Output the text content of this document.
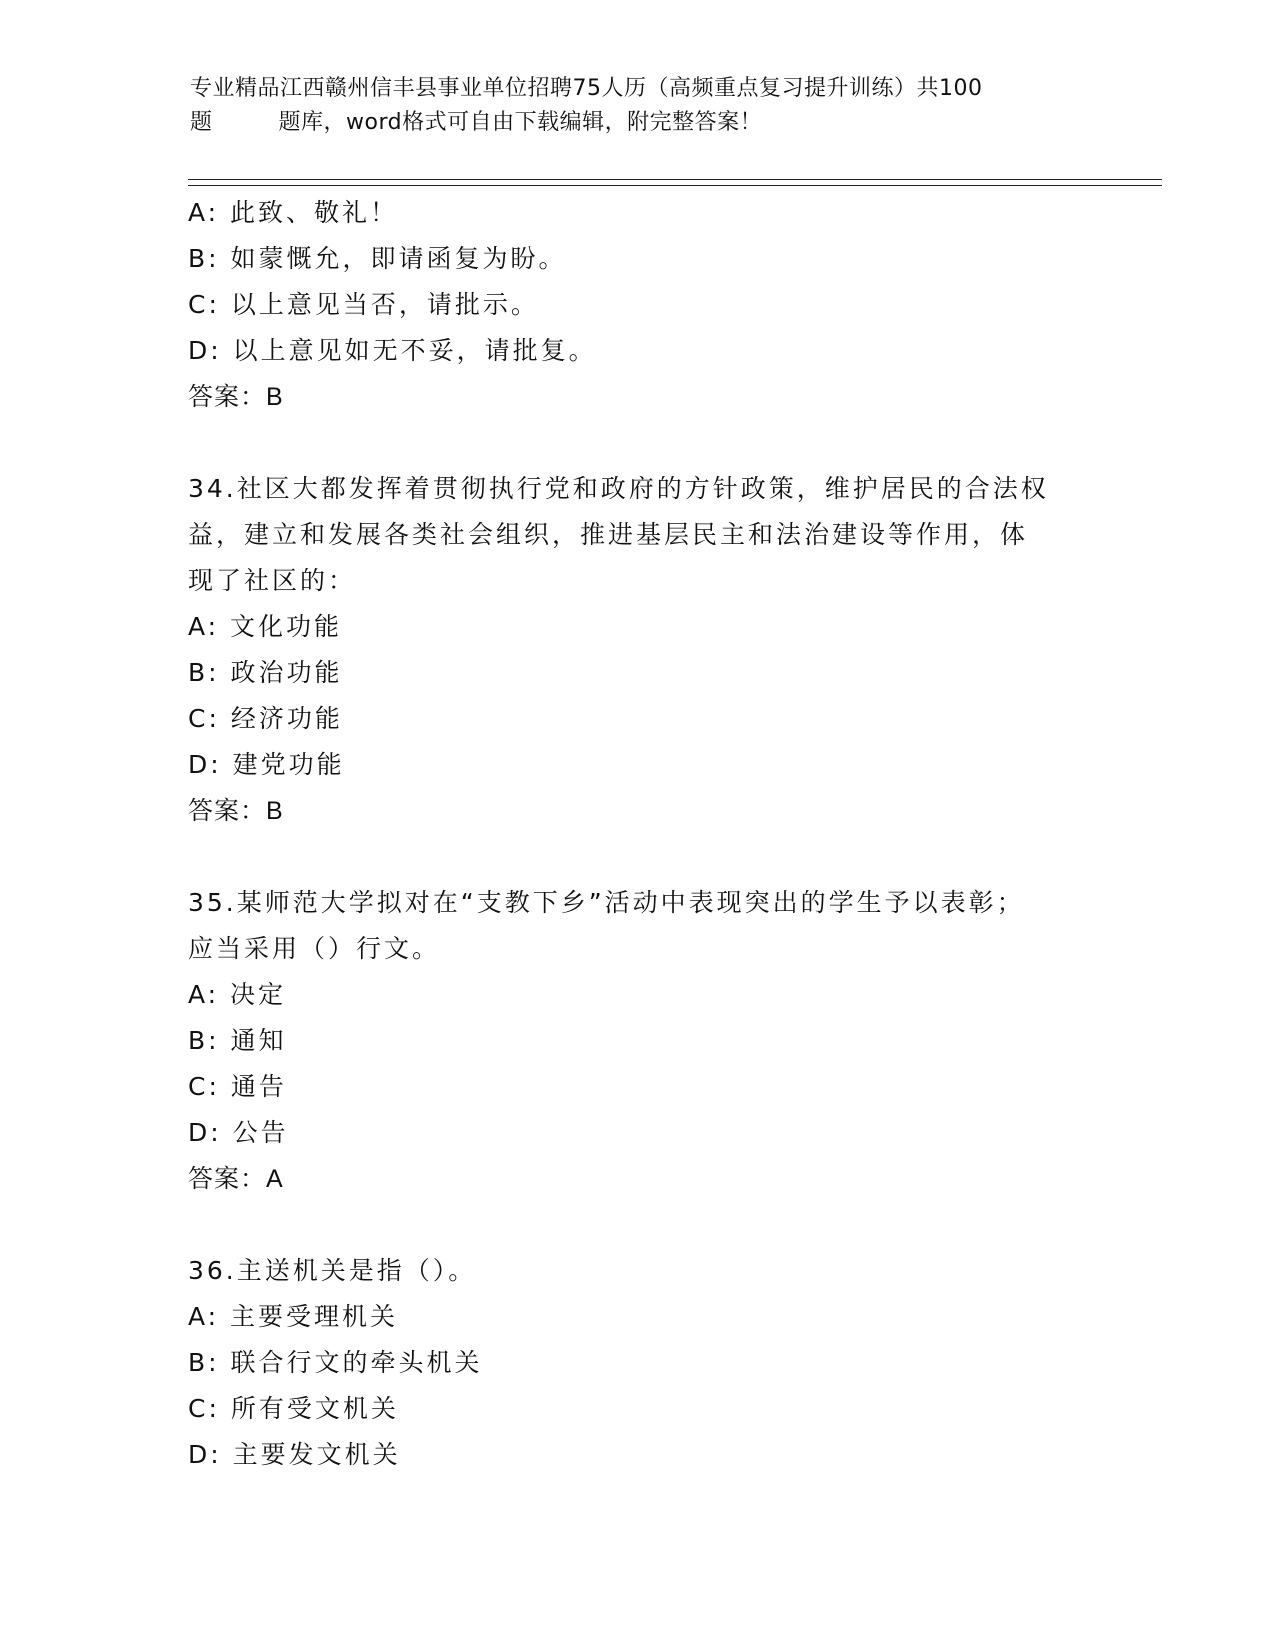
专业精品江西赣州信丰县事业单位招聘75人历（高频重点复习提升训练）共100
题	题库，word格式可自由下载编辑，附完整答案！
A: 此致、敬礼！
B: 如蒙慨允，即请函复为盼。
C: 以上意见当否，请批示。
D: 以上意见如无不妥，请批复。
答案：B
34.社区大都发挥着贯彻执行党和政府的方针政策，维护居民的合法权
益，建立和发展各类社会组织，推进基层民主和法治建设等作用，体
现了社区的：
A: 文化功能
B: 政治功能
C: 经济功能
D: 建党功能
答案：B
35.某师范大学拟对在“支教下乡”活动中表现突出的学生予以表彰；
应当采用（）行文。
A: 决定
B: 通知
C: 通告
D: 公告
答案：A
36.主送机关是指（）。
A: 主要受理机关
B: 联合行文的牵头机关
C: 所有受文机关
D: 主要发文机关
